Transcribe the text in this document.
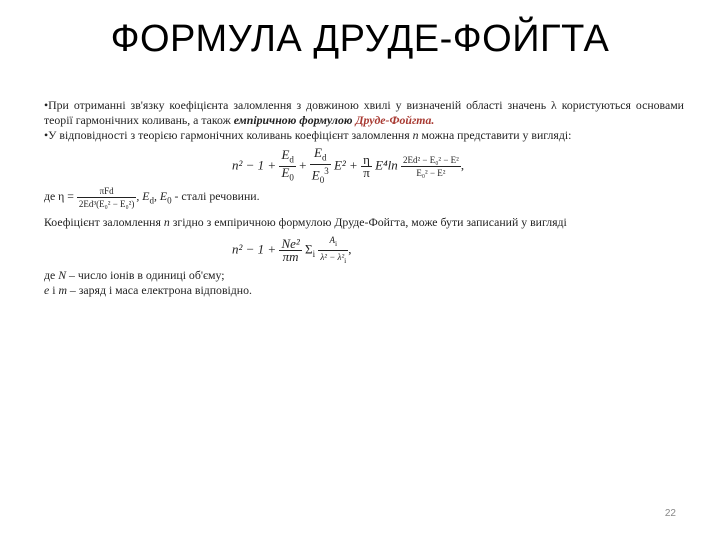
ФОРМУЛА ДРУДЕ-ФОЙГТА

•При отриманні зв'язку коефіцієнта заломлення з довжиною хвилі у визначеній області значень λ користуються основами теорії гармонічних коливань, а також емпіричною формулою Друде-Фойгта.

•У відповідності з теорією гармонічних коливань коефіцієнт заломлення n можна представити у вигляді:

$n^2 - 1 + \frac{E_d}{E_0} + \frac{E_d}{E_0^3} E^2 + \frac{\eta}{\pi} E^4\ln \frac{\text{2Ed² − E₀² − E²}}{\text{E₀² − E²}}$ ,
де $\eta = \frac{\text{πFd}}{\text{2Ed³(E₀² − E₀²)}}$ , $E_d$, $E_0$ - сталі речовини.

Коефіцієнт заломлення n згідно з емпіричною формулою Друде-Фойгта, може бути записаний у вигляді

$n^2 - 1 + \frac{\text{Ne²}}{\pi m} \Sigma_i \frac{A_i}{\lambda^2 - \lambda^2_i}$ ,

де N – число іонів в одиниці об'єму;

e і m – заряд і маса електрона відповідно.

22
